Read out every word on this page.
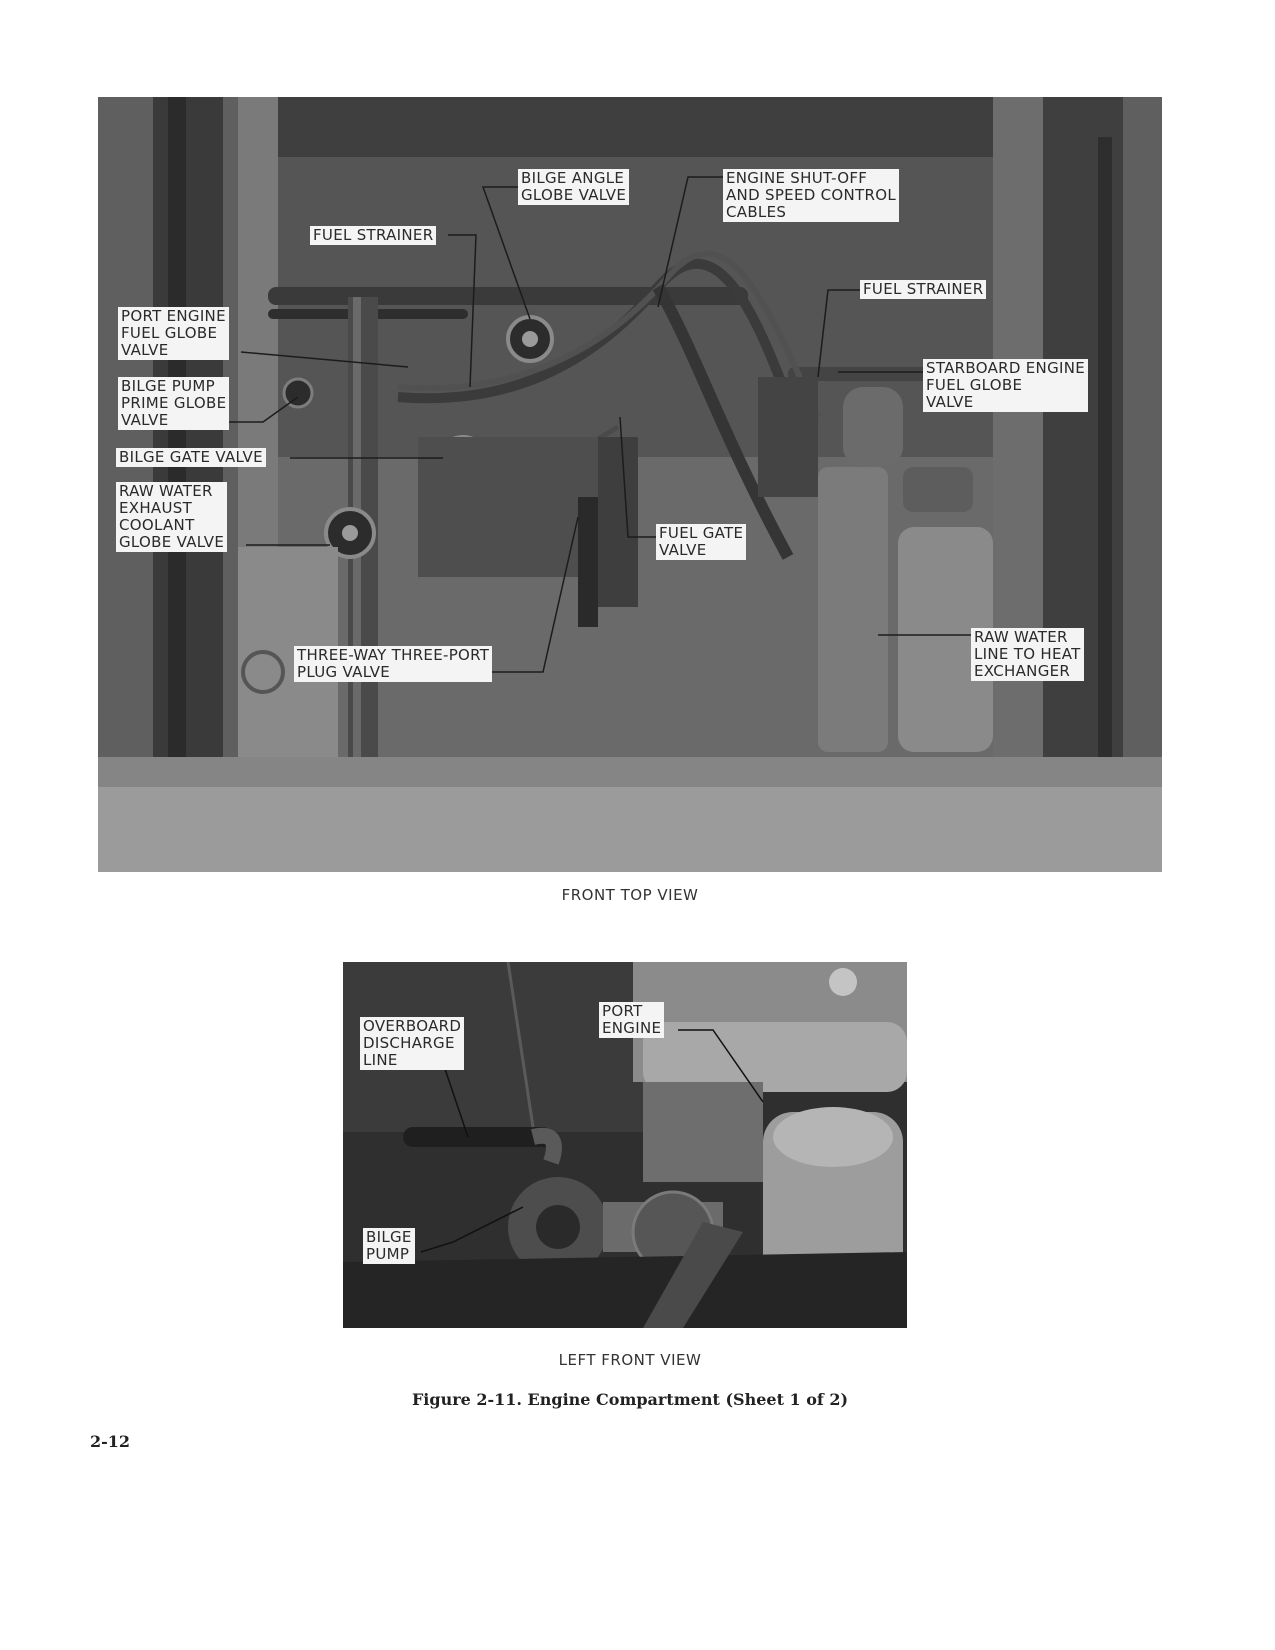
BILGE ANGLE
GLOBE VALVE
ENGINE SHUT-OFF
AND SPEED CONTROL
CABLES
FUEL STRAINER
FUEL STRAINER
PORT ENGINE
FUEL GLOBE
VALVE
BILGE PUMP
PRIME GLOBE
VALVE
BILGE GATE VALVE
RAW WATER
EXHAUST
COOLANT
GLOBE VALVE
STARBOARD ENGINE
FUEL GLOBE
VALVE
FUEL GATE
VALVE
THREE-WAY THREE-PORT
PLUG VALVE
RAW WATER
LINE TO HEAT
EXCHANGER
FRONT TOP VIEW
OVERBOARD
DISCHARGE
LINE
PORT
ENGINE
BILGE
PUMP
LEFT FRONT VIEW
Figure 2-11. Engine Compartment (Sheet 1 of 2)
2-12
